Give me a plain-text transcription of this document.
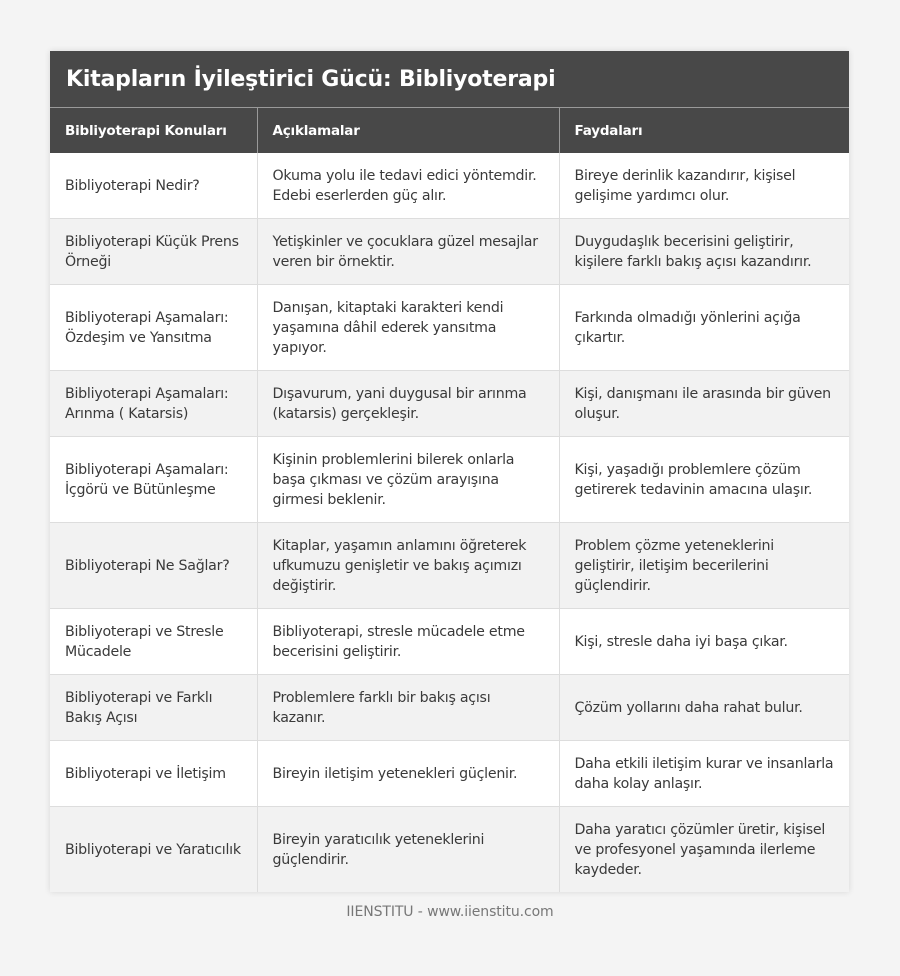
Kitapların İyileştirici Gücü: Bibliyoterapi
Bibliyoterapi Konuları	Açıklamalar	Faydaları
Bibliyoterapi Nedir?	Okuma yolu ile tedavi edici yöntemdir. Edebi eserlerden güç alır.	Bireye derinlik kazandırır, kişisel gelişime yardımcı olur.
Bibliyoterapi Küçük Prens Örneği	Yetişkinler ve çocuklara güzel mesajlar veren bir örnektir.	Duygudaşlık becerisini geliştirir, kişilere farklı bakış açısı kazandırır.
Bibliyoterapi Aşamaları: Özdeşim ve Yansıtma	Danışan, kitaptaki karakteri kendi yaşamına dâhil ederek yansıtma yapıyor.	Farkında olmadığı yönlerini açığa çıkartır.
Bibliyoterapi Aşamaları: Arınma ( Katarsis)	Dışavurum, yani duygusal bir arınma (katarsis) gerçekleşir.	Kişi, danışmanı ile arasında bir güven oluşur.
Bibliyoterapi Aşamaları: İçgörü ve Bütünleşme	Kişinin problemlerini bilerek onlarla başa çıkması ve çözüm arayışına girmesi beklenir.	Kişi, yaşadığı problemlere çözüm getirerek tedavinin amacına ulaşır.
Bibliyoterapi Ne Sağlar?	Kitaplar, yaşamın anlamını öğreterek ufkumuzu genişletir ve bakış açımızı değiştirir.	Problem çözme yeteneklerini geliştirir, iletişim becerilerini güçlendirir.
Bibliyoterapi ve Stresle Mücadele	Bibliyoterapi, stresle mücadele etme becerisini geliştirir.	Kişi, stresle daha iyi başa çıkar.
Bibliyoterapi ve Farklı Bakış Açısı	Problemlere farklı bir bakış açısı kazanır.	Çözüm yollarını daha rahat bulur.
Bibliyoterapi ve İletişim	Bireyin iletişim yetenekleri güçlenir.	Daha etkili iletişim kurar ve insanlarla daha kolay anlaşır.
Bibliyoterapi ve Yaratıcılık	Bireyin yaratıcılık yeteneklerini güçlendirir.	Daha yaratıcı çözümler üretir, kişisel ve profesyonel yaşamında ilerleme kaydeder.
IIENSTITU - www.iienstitu.com
